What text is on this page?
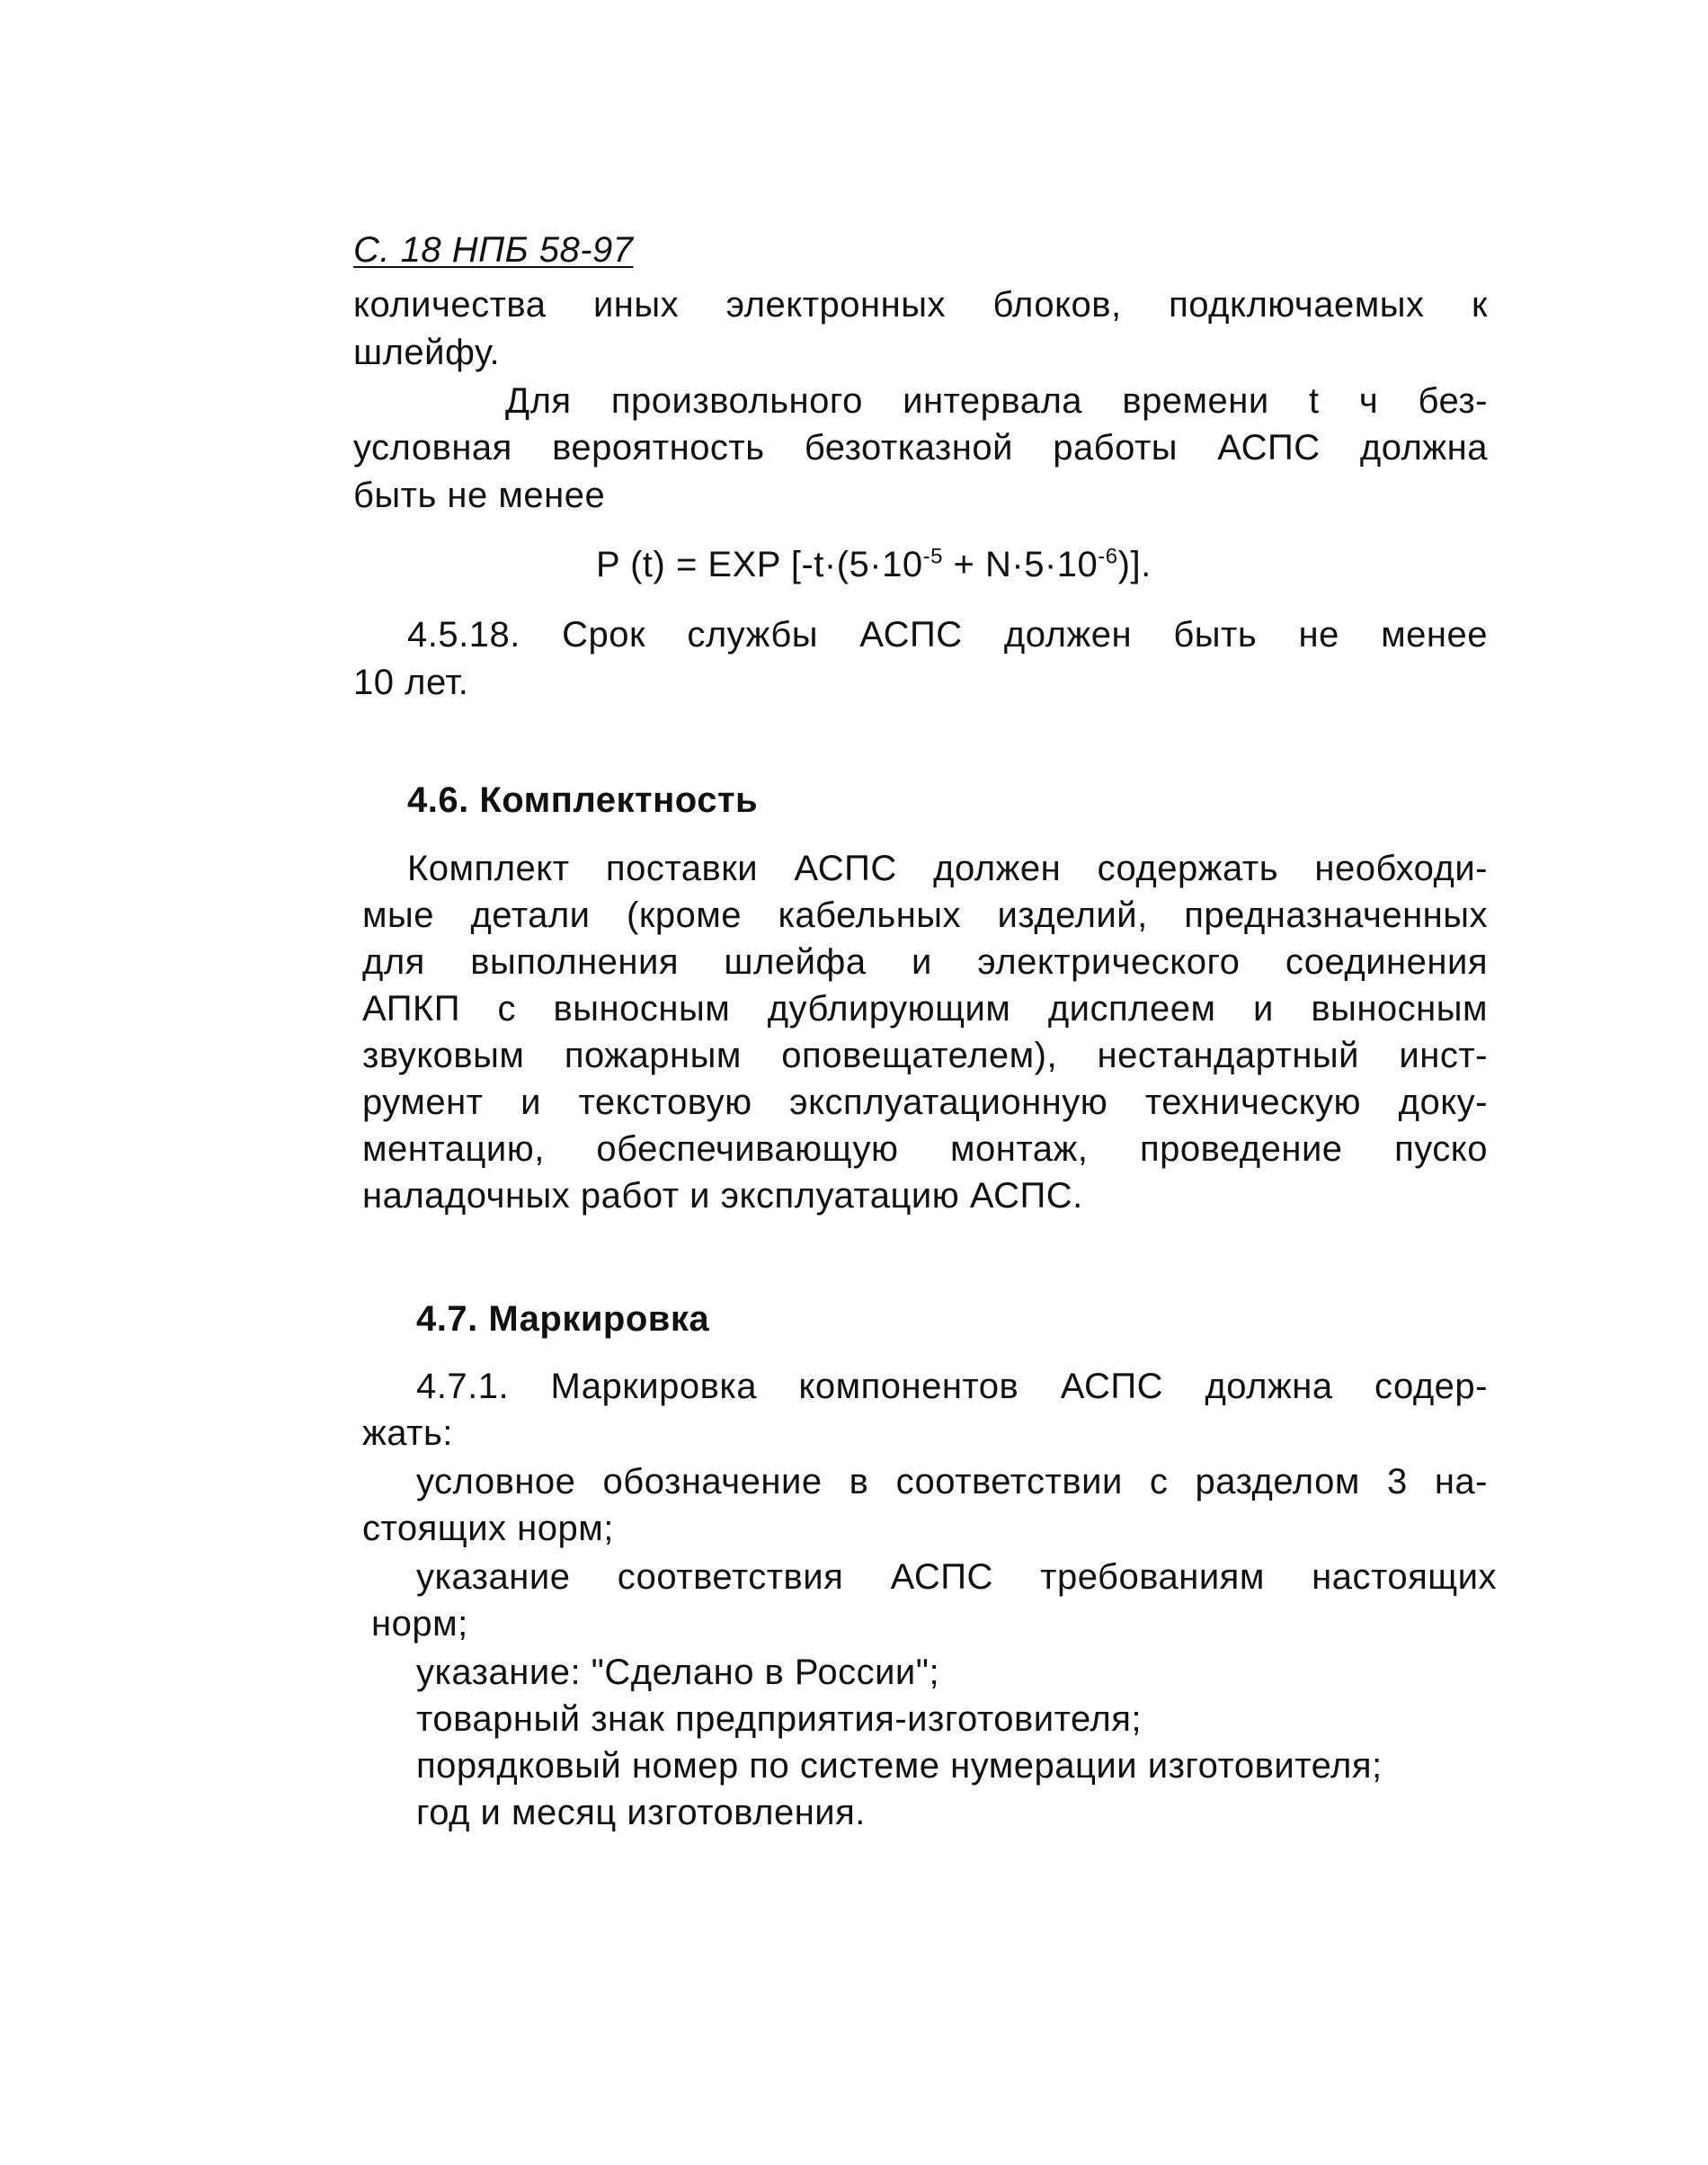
С. 18 НПБ 58-97
количества иных электронных блоков, подключаемых к
шлейфу.
Для произвольного интервала времени t ч без-
условная вероятность безотказной работы АСПС должна
быть не менее
P (t) = EXP $[-t\cdot(5\cdot 10^{-5} + N\cdot 5\cdot 10^{-6})]$.
4.5.18. Срок службы АСПС должен быть не менее
10 лет.
4.6. Комплектность
Комплект поставки АСПС должен содержать необходи-
мые детали (кроме кабельных изделий, предназначенных
для выполнения шлейфа и электрического соединения
АПКП с выносным дублирующим дисплеем и выносным
звуковым пожарным оповещателем), нестандартный инст-
румент и текстовую эксплуатационную техническую доку-
ментацию, обеспечивающую монтаж, проведение пуско
наладочных работ и эксплуатацию АСПС.
4.7. Маркировка
4.7.1. Маркировка компонентов АСПС должна содер-
жать:
условное обозначение в соответствии с разделом 3 на-
стоящих норм;
указание соответствия АСПС требованиям настоящих
норм;
указание: "Сделано в России";
товарный знак предприятия-изготовителя;
порядковый номер по системе нумерации изготовителя;
год и месяц изготовления.
